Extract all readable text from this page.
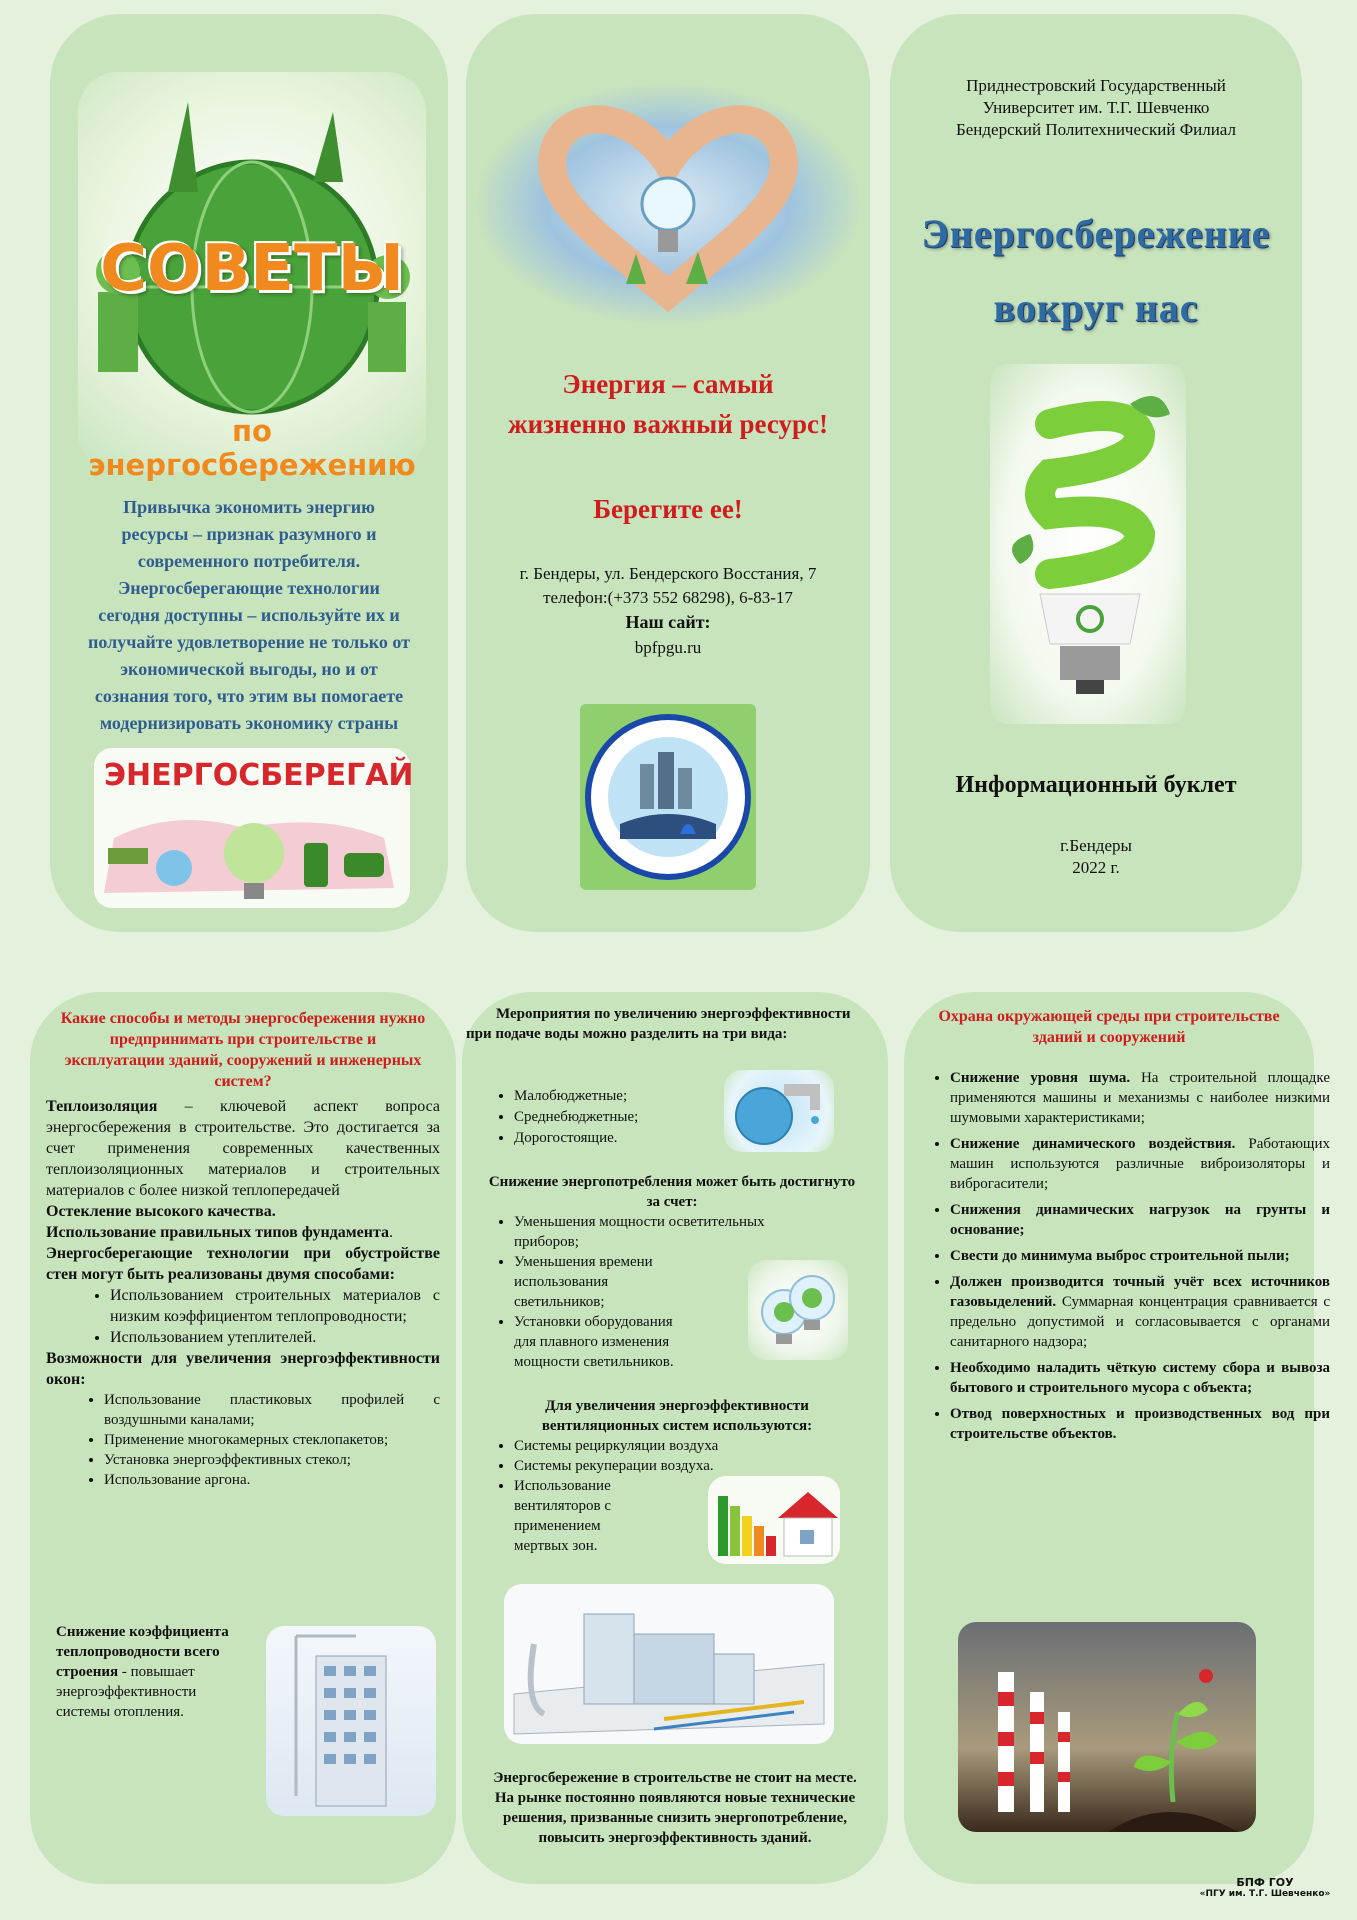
СОВЕТЫ
по энергосбережению
Привычка экономить энергию ресурсы – признак разумного и современного потребителя. Энергосберегающие технологии сегодня доступны – используйте их и получайте удовлетворение не только от экономической выгоды, но и от сознания того, что этим вы помогаете модернизировать экономику страны
ЭНЕРГОСБЕРЕГАЙ
Энергия – самый жизненно важный ресурс!
Берегите ее!
г. Бендеры, ул. Бендерского Восстания, 7
телефон:(+373 552 68298), 6-83-17
Наш сайт:
bpfpgu.ru
Приднестровский Государственный
Университет им. Т.Г. Шевченко
Бендерский Политехнический Филиал
Энергосбережение
вокруг нас
Информационный буклет
г.Бендеры
2022 г.
Какие способы и методы энергосбережения нужно предпринимать при строительстве и эксплуатации зданий, сооружений и инженерных систем?
Теплоизоляция – ключевой аспект вопроса энергосбережения в строительстве. Это достигается за счет применения современных качественных теплоизоляционных материалов и строительных материалов с более низкой теплопередачей
Остекление высокого качества.
Использование правильных типов фундамента.
Энергосберегающие технологии при обустройстве стен могут быть реализованы двумя способами:
• Использованием строительных материалов с низким коэффициентом теплопроводности;
• Использованием утеплителей.
Возможности для увеличения энергоэффективности окон:
• Использование пластиковых профилей с воздушными каналами;
• Применение многокамерных стеклопакетов;
• Установка энергоэффективных стекол;
• Использование аргона.
Снижение коэффициента теплопроводности всего строения - повышает энергоэффективности системы отопления.
Мероприятия по увеличению энергоэффективности при подаче воды можно разделить на три вида:
• Малобюджетные;
• Среднебюджетные;
• Дорогостоящие.
Снижение энергопотребления может быть достигнуто за счет:
• Уменьшения мощности осветительных приборов;
• Уменьшения времени использования светильников;
• Установки оборудования для плавного изменения мощности светильников.
Для увеличения энергоэффективности вентиляционных систем используются:
• Системы рециркуляции воздуха
• Системы рекуперации воздуха.
• Использование вентиляторов с применением мертвых зон.
Энергосбережение в строительстве не стоит на месте. На рынке постоянно появляются новые технические решения, призванные снизить энергопотребление, повысить энергоэффективность зданий.
Охрана окружающей среды при строительстве зданий и сооружений
• Снижение уровня шума. На строительной площадке применяются машины и механизмы с наиболее низкими шумовыми характеристиками;
• Снижение динамического воздействия. Работающих машин используются различные виброизоляторы и виброгасители;
• Снижения динамических нагрузок на грунты и основание;
• Свести до минимума выброс строительной пыли;
• Должен производится точный учёт всех источников газовыделений. Суммарная концентрация сравнивается с предельно допустимой и согласовывается с органами санитарного надзора;
• Необходимо наладить чёткую систему сбора и вывоза бытового и строительного мусора с объекта;
• Отвод поверхностных и производственных вод при строительстве объектов.
БПФ ГОУ
«ПГУ им. Т.Г. Шевченко»
